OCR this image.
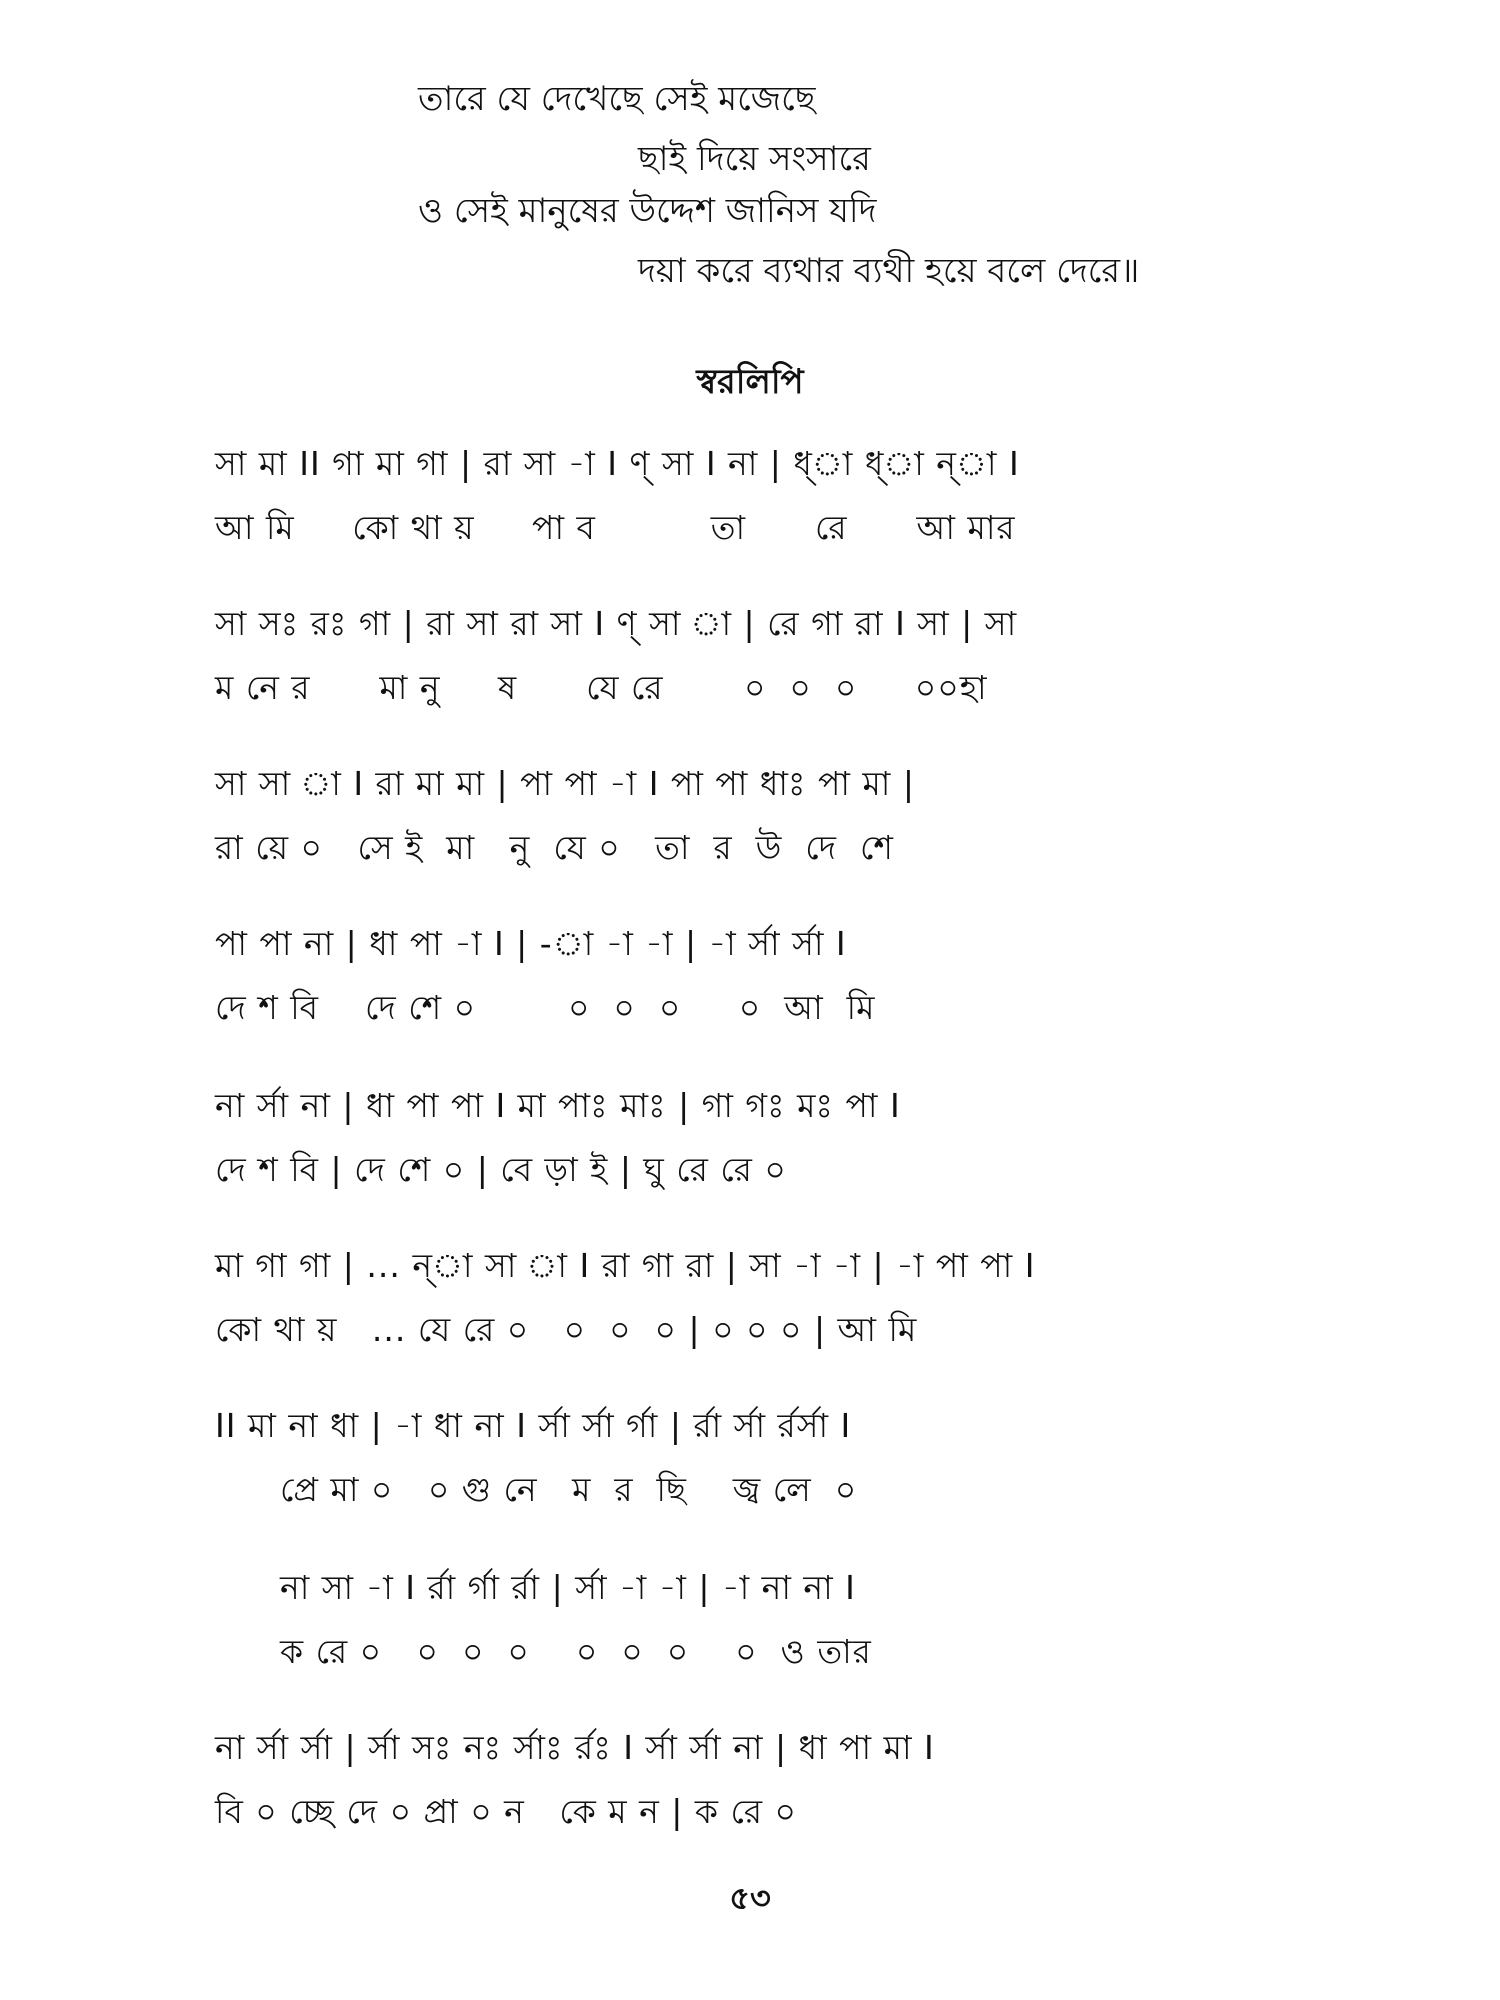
তারে যে দেখেছে সেই মজেছে
ছাই দিয়ে সংসারে
ও সেই মানুষের উদ্দেশ জানিস যদি
দয়া করে ব্যথার ব্যথী হয়ে বলে দেরে॥
স্বরলিপি
সা মা II গা মা গা | রা সা -া I ণ্ সা I না | ধ্া ধ্া ন্া I
আ মি     কো থা য়     পা ব          তা      রে      আ মার
সা সঃ রঃ গা | রা সা রা সা I ণ্ সা া | রে গা রা I সা | সা
ম নে র      মা নু     ষ      যে রে       ০  ০  ০     ০০হা
সা সা া I রা মা মা | পা পা -া I পা পা ধাঃ পা মা |
রা য়ে ০   সে ই  মা   নু  যে ০   তা  র  উ  দে  শে
পা পা না | ধা পা -া I | -া -া -া | -া র্সা র্সা I
দে শ বি    দে শে ০        ০  ০  ০     ০  আ  মি
না র্সা না | ধা পা পা I মা পাঃ মাঃ | গা গঃ মঃ পা I
দে শ বি | দে শে ০ | বে ড়া ই | ঘু রে রে ০
মা গা গা | ... ন্া সা া I রা গা রা | সা -া -া | -া পা পা I
কো থা য়   ... যে রে ০   ০  ০  ০ | ০ ০ ০ | আ মি
II মা না ধা | -া ধা না I র্সা র্সা র্গা | র্রা র্সা র্রর্সা I
প্রে মা ০   ০ গু নে   ম  র  ছি    জ্ব লে  ০
না সা -া I র্রা র্গা র্রা | র্সা -া -া | -া না না I
ক রে ০   ০  ০  ০    ০  ০  ০    ০  ও তার
না র্সা র্সা | র্সা সঃ নঃ র্সাঃ র্রঃ I র্সা র্সা না | ধা পা মা I
বি ০ চ্ছে দে ০ প্রা ০ ন   কে ম ন | ক রে ০
৫৩
